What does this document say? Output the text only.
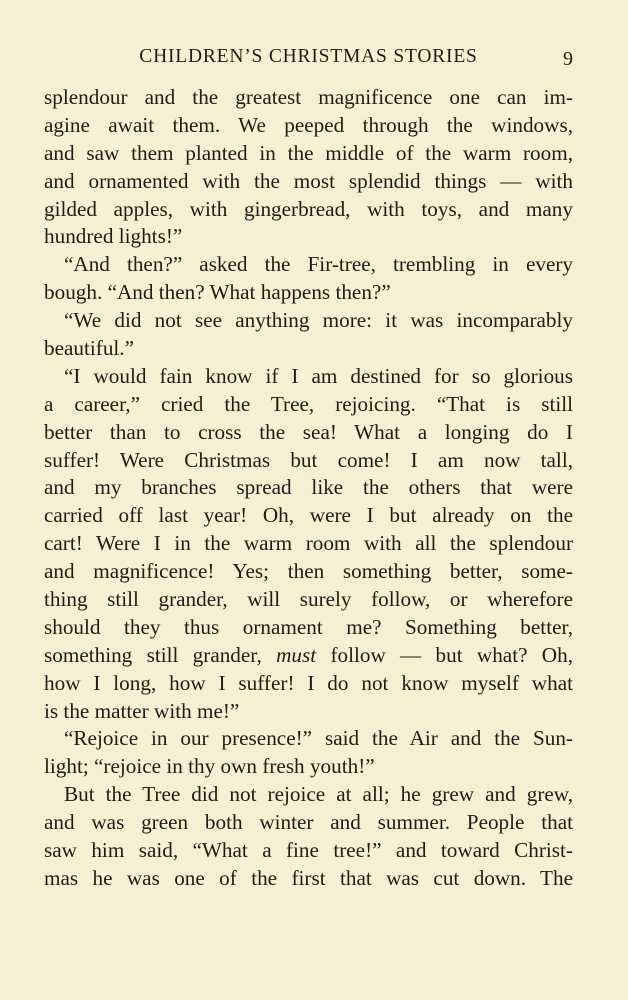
CHILDREN’S CHRISTMAS STORIES	9
splendour and the greatest magnificence one can im-
agine await them. We peeped through the windows,
and saw them planted in the middle of the warm room,
and ornamented with the most splendid things — with
gilded apples, with gingerbread, with toys, and many
hundred lights!”
“And then?” asked the Fir-tree, trembling in every
bough. “And then? What happens then?”
“We did not see anything more: it was incomparably
beautiful.”
“I would fain know if I am destined for so glorious
a career,” cried the Tree, rejoicing. “That is still
better than to cross the sea! What a longing do I
suffer! Were Christmas but come! I am now tall,
and my branches spread like the others that were
carried off last year! Oh, were I but already on the
cart! Were I in the warm room with all the splendour
and magnificence! Yes; then something better, some-
thing still grander, will surely follow, or wherefore
should they thus ornament me? Something better,
something still grander, must follow — but what? Oh,
how I long, how I suffer! I do not know myself what
is the matter with me!”
“Rejoice in our presence!” said the Air and the Sun-
light; “rejoice in thy own fresh youth!”
But the Tree did not rejoice at all; he grew and grew,
and was green both winter and summer. People that
saw him said, “What a fine tree!” and toward Christ-
mas he was one of the first that was cut down. The
